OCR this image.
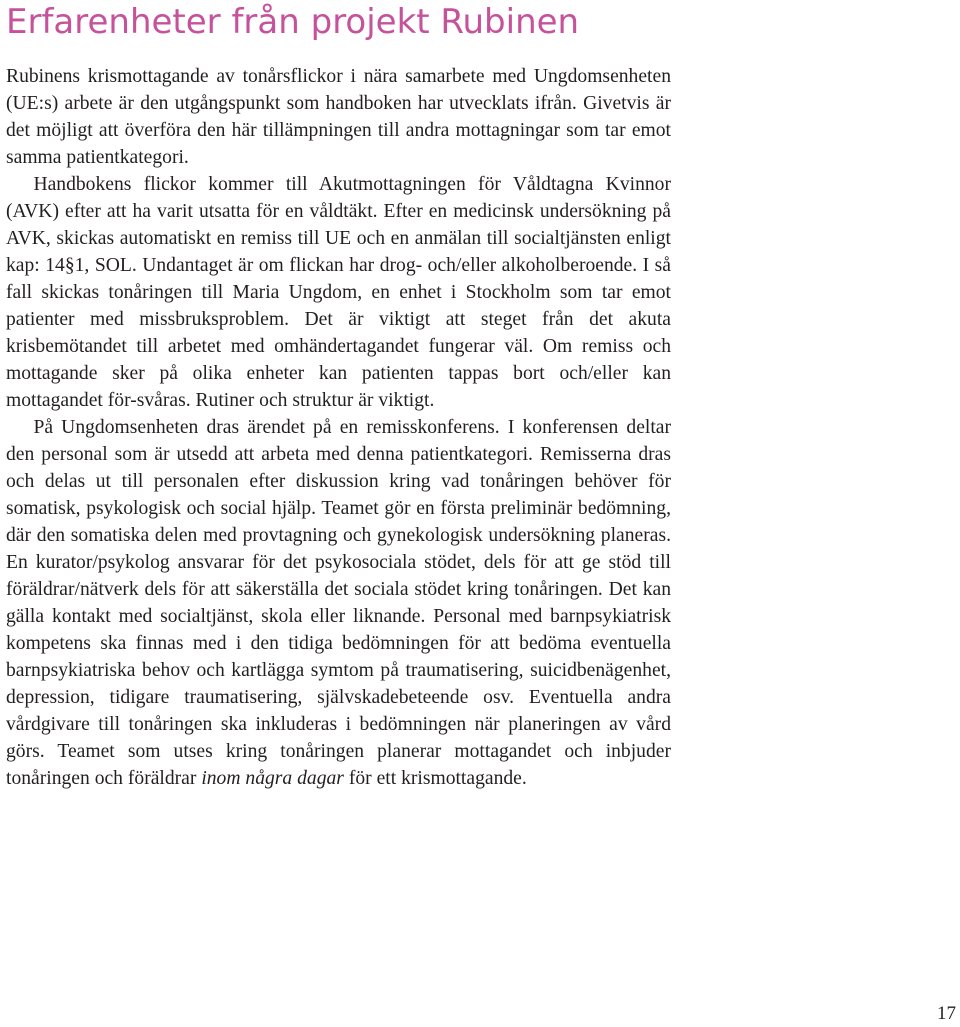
Erfarenheter från projekt Rubinen

Rubinens krismottagande av tonårsflickor i nära samarbete med Ungdomsenheten (UE:s) arbete är den utgångspunkt som handboken har utvecklats ifrån. Givetvis är det möjligt att överföra den här tillämpningen till andra mottagningar som tar emot samma patientkategori.

Handbokens flickor kommer till Akutmottagningen för Våldtagna Kvinnor (AVK) efter att ha varit utsatta för en våldtäkt. Efter en medicinsk undersökning på AVK, skickas automatiskt en remiss till UE och en anmälan till socialtjänsten enligt kap: 14§1, SOL. Undantaget är om flickan har drog- och/eller alkoholberoende. I så fall skickas tonåringen till Maria Ungdom, en enhet i Stockholm som tar emot patienter med missbruksproblem. Det är viktigt att steget från det akuta krisbemötandet till arbetet med omhändertagandet fungerar väl. Om remiss och mottagande sker på olika enheter kan patienten tappas bort och/eller kan mottagandet för-svåras. Rutiner och struktur är viktigt.

På Ungdomsenheten dras ärendet på en remisskonferens. I konferensen deltar den personal som är utsedd att arbeta med denna patientkategori. Remisserna dras och delas ut till personalen efter diskussion kring vad tonåringen behöver för somatisk, psykologisk och social hjälp. Teamet gör en första preliminär bedömning, där den somatiska delen med provtagning och gynekologisk undersökning planeras. En kurator/psykolog ansvarar för det psykosociala stödet, dels för att ge stöd till föräldrar/nätverk dels för att säkerställa det sociala stödet kring tonåringen. Det kan gälla kontakt med socialtjänst, skola eller liknande. Personal med barnpsykiatrisk kompetens ska finnas med i den tidiga bedömningen för att bedöma eventuella barnpsykiatriska behov och kartlägga symtom på traumatisering, suicidbenägenhet, depression, tidigare traumatisering, självskadebeteende osv. Eventuella andra vårdgivare till tonåringen ska inkluderas i bedömningen när planeringen av vård görs. Teamet som utses kring tonåringen planerar mottagandet och inbjuder tonåringen och föräldrar inom några dagar för ett krismottagande.

17
